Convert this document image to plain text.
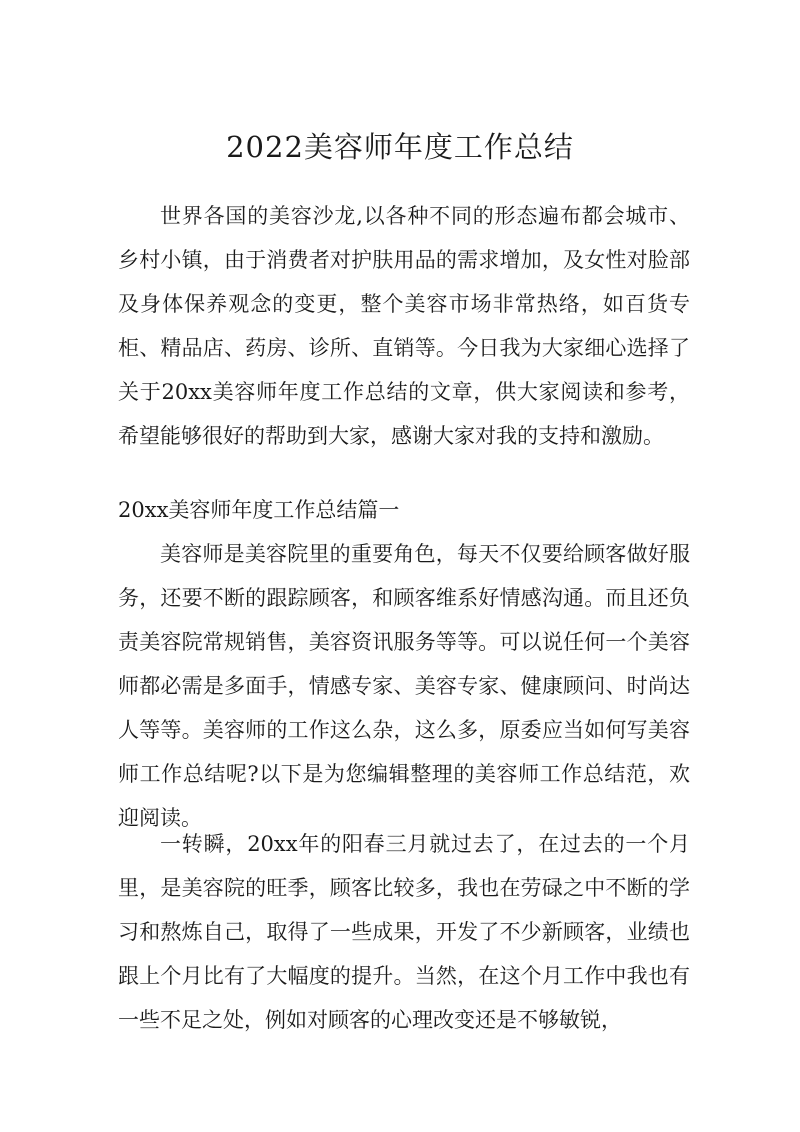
2022美容师年度工作总结
世界各国的美容沙龙,以各种不同的形态遍布都会城市、乡村小镇，由于消费者对护肤用品的需求增加，及女性对脸部及身体保养观念的变更，整个美容市场非常热络，如百货专柜、精品店、药房、诊所、直销等。今日我为大家细心选择了关于20xx美容师年度工作总结的文章，供大家阅读和参考，希望能够很好的帮助到大家，感谢大家对我的支持和激励。
20xx美容师年度工作总结篇一
美容师是美容院里的重要角色，每天不仅要给顾客做好服务，还要不断的跟踪顾客，和顾客维系好情感沟通。而且还负责美容院常规销售，美容资讯服务等等。可以说任何一个美容师都必需是多面手，情感专家、美容专家、健康顾问、时尚达人等等。美容师的工作这么杂，这么多，原委应当如何写美容师工作总结呢?以下是为您编辑整理的美容师工作总结范，欢迎阅读。
一转瞬，20xx年的阳春三月就过去了，在过去的一个月里，是美容院的旺季，顾客比较多，我也在劳碌之中不断的学习和熬炼自己，取得了一些成果，开发了不少新顾客，业绩也跟上个月比有了大幅度的提升。当然，在这个月工作中我也有一些不足之处，例如对顾客的心理改变还是不够敏锐，
